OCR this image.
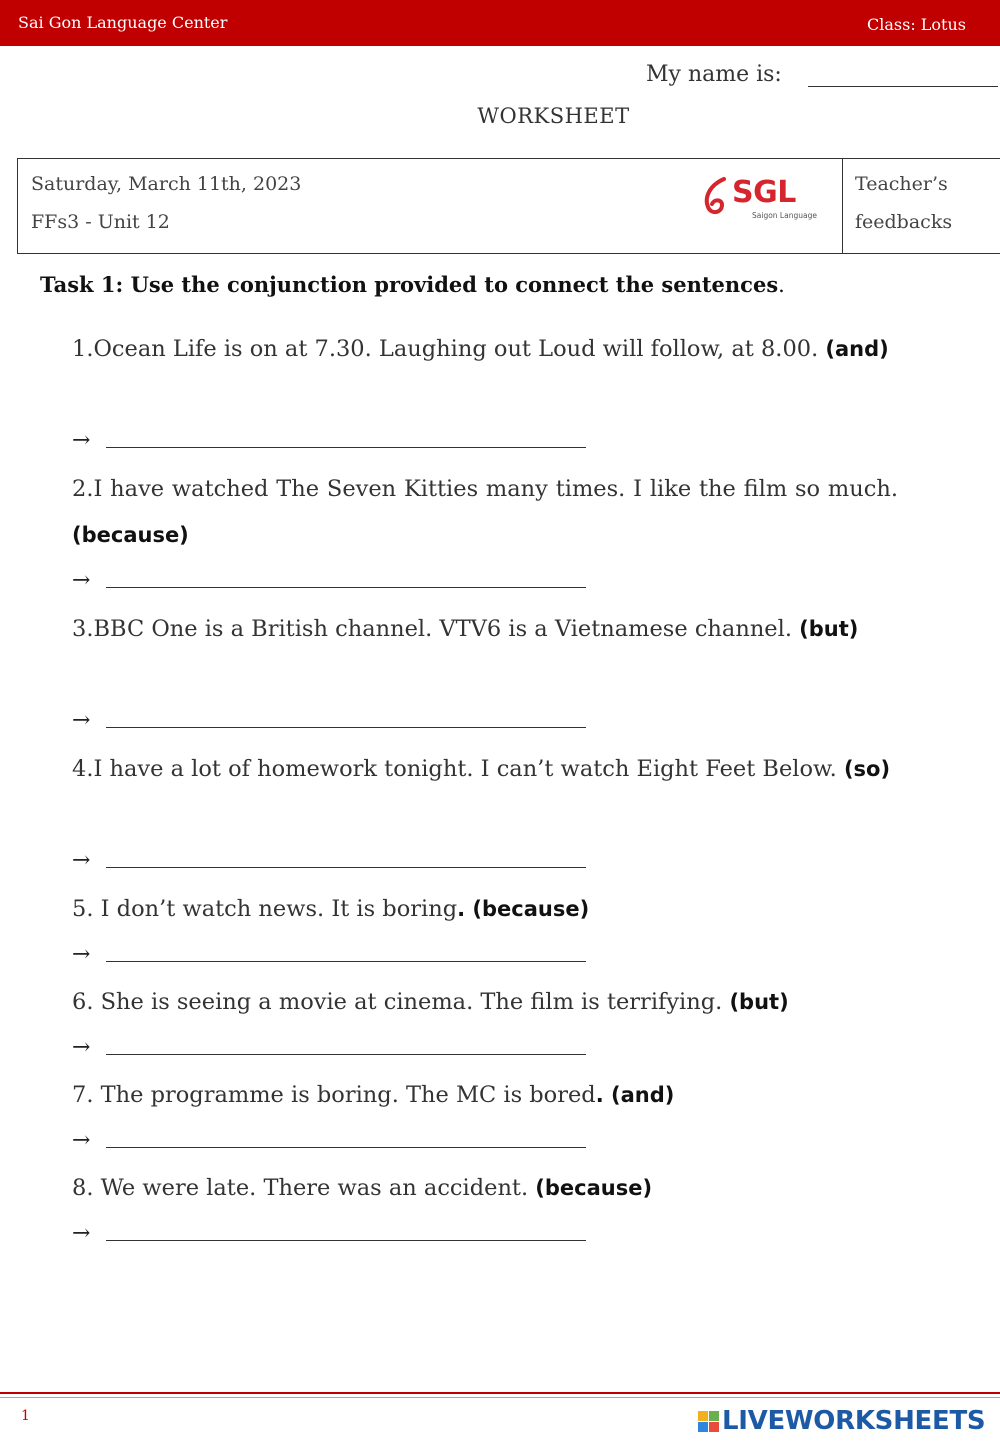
Sai Gon Language Center	Class: Lotus
My name is:
WORKSHEET
Saturday, March 11th, 2023
FFs3 - Unit 12
SGL
Saigon Language
Teacher’s
feedbacks
Task 1: Use the conjunction provided to connect the sentences.
1.Ocean Life is on at 7.30. Laughing out Loud will follow, at 8.00. (and)
→
2.I have watched The Seven Kitties many times. I like the film so much. (because)
→
3.BBC One is a British channel. VTV6 is a Vietnamese channel. (but)
→
4.I have a lot of homework tonight. I can’t watch Eight Feet Below. (so)
→
5. I don’t watch news. It is boring. (because)
→
6. She is seeing a movie at cinema. The film is terrifying. (but)
→
7. The programme is boring. The MC is bored. (and)
→
8. We were late. There was an accident. (because)
→
1	LIVEWORKSHEETS
